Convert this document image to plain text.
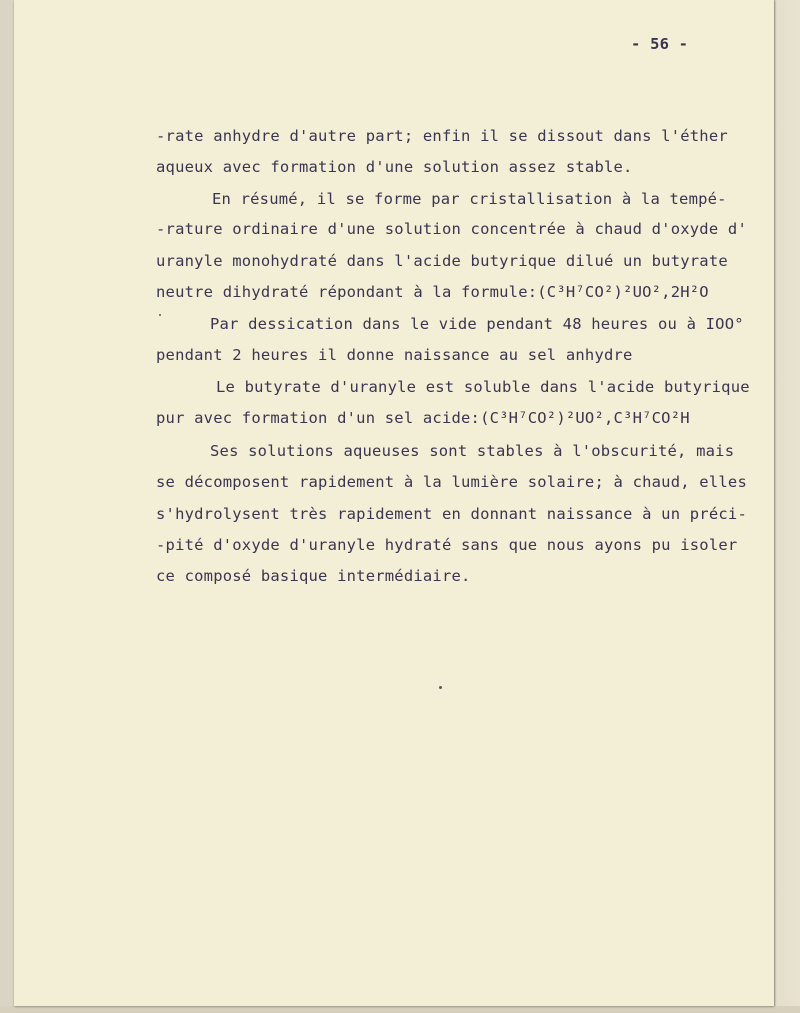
- 56 -

-rate anhydre d'autre part; enfin il se dissout dans l'éther

aqueux avec formation d'une solution assez stable.

En résumé, il se forme par cristallisation à la tempé-

-rature ordinaire d'une solution concentrée à chaud d'oxyde d'

uranyle monohydraté dans l'acide butyrique dilué un butyrate

neutre dihydraté répondant à la formule:(C³H⁷CO²)²UO²,2H²O

Par dessication dans le vide pendant 48 heures ou à IOO°

pendant 2 heures il donne naissance au sel anhydre

Le butyrate d'uranyle est soluble dans l'acide butyrique

pur avec formation d'un sel acide:(C³H⁷CO²)²UO²,C³H⁷CO²H

Ses solutions aqueuses sont stables à l'obscurité, mais

se décomposent rapidement à la lumière solaire; à chaud, elles

s'hydrolysent très rapidement en donnant naissance à un préci-

-pité d'oxyde d'uranyle hydraté sans que nous ayons pu isoler

ce composé basique intermédiaire.
